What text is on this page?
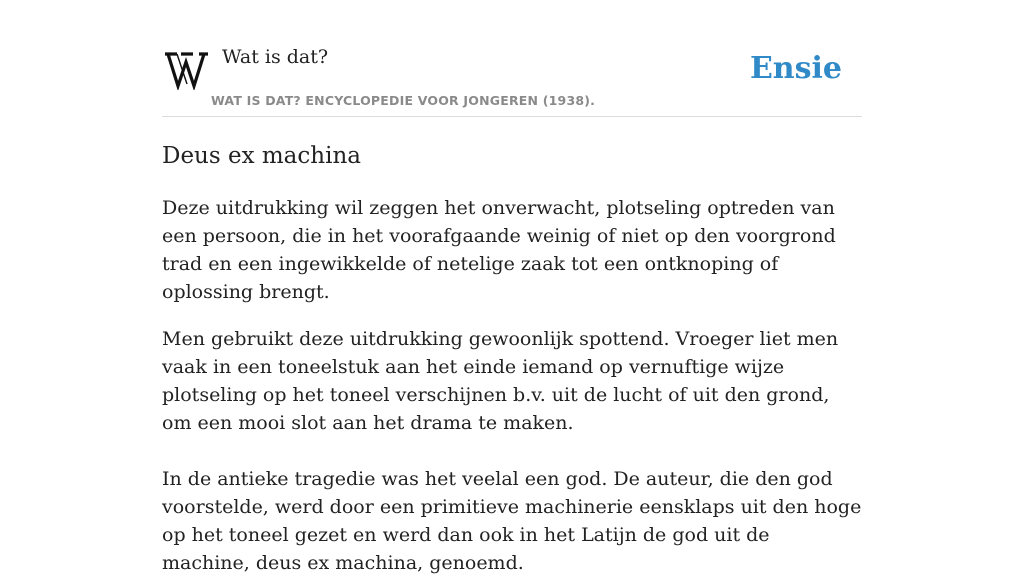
Wat is dat?
WAT IS DAT? ENCYCLOPEDIE VOOR JONGEREN (1938).
Ensie
Deus ex machina

Deze uitdrukking wil zeggen het onverwacht, plotseling optreden van een persoon, die in het voorafgaande weinig of niet op den voorgrond trad en een ingewikkelde of netelige zaak tot een ontknoping of oplossing brengt.

Men gebruikt deze uitdrukking gewoonlijk spottend. Vroeger liet men vaak in een toneelstuk aan het einde iemand op vernuftige wijze plotseling op het toneel verschijnen b.v. uit de lucht of uit den grond, om een mooi slot aan het drama te maken.

In de antieke tragedie was het veelal een god. De auteur, die den god voorstelde, werd door een primitieve machinerie eensklaps uit den hoge op het toneel gezet en werd dan ook in het Latijn de god uit de machine, deus ex machina, genoemd.
